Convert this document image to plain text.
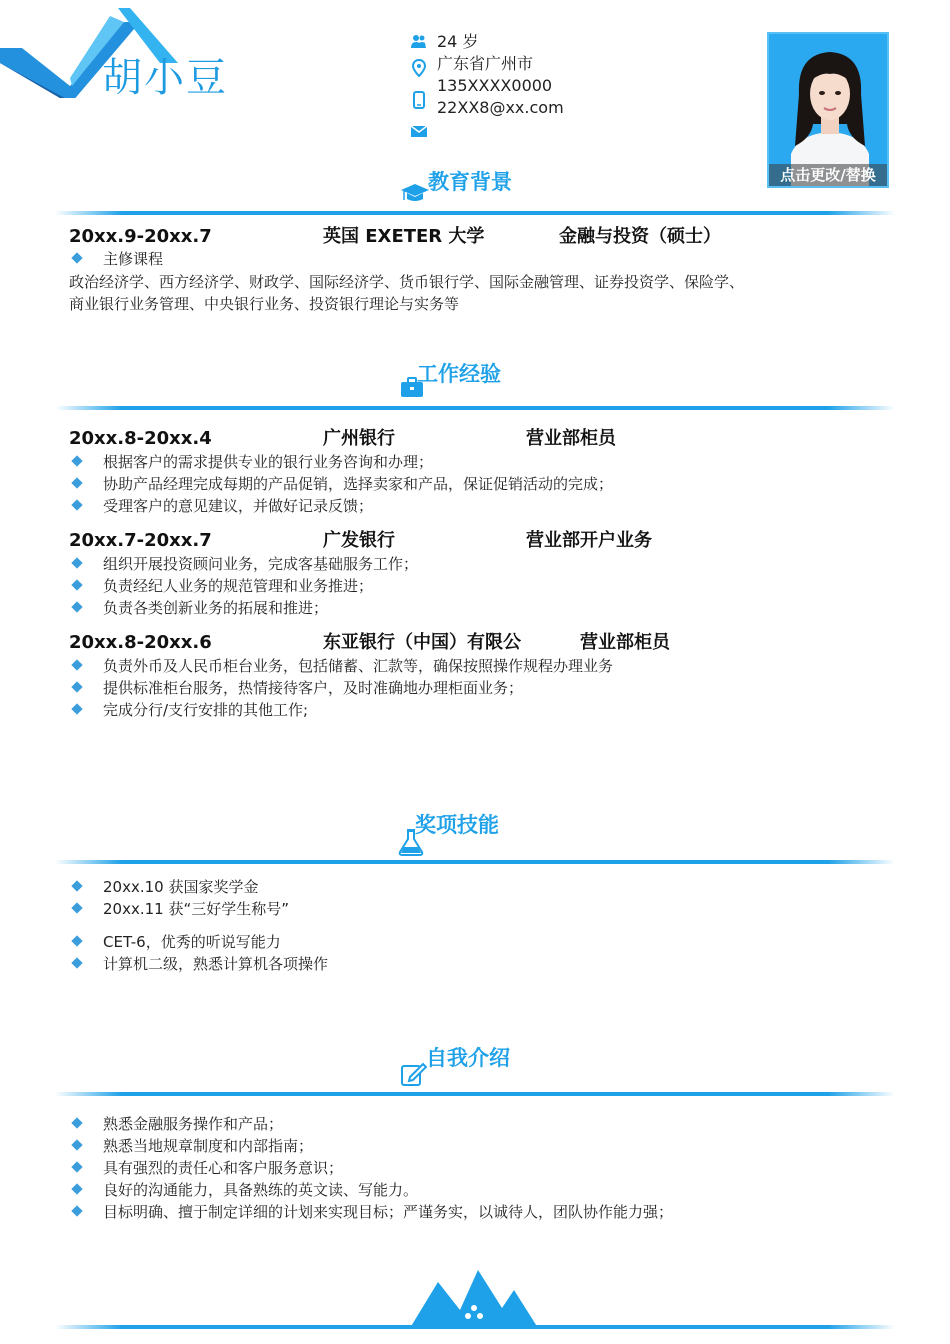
胡小豆
24 岁
广东省广州市
135XXXX0000
22XX8@xx.com
点击更改/替换
教育背景
20xx.9-20xx.7	英国 EXETER 大学	金融与投资（硕士）
主修课程
政治经济学、西方经济学、财政学、国际经济学、货币银行学、国际金融管理、证券投资学、保险学、
商业银行业务管理、中央银行业务、投资银行理论与实务等
工作经验
20xx.8-20xx.4	广州银行	营业部柜员
根据客户的需求提供专业的银行业务咨询和办理；
协助产品经理完成每期的产品促销，选择卖家和产品，保证促销活动的完成；
受理客户的意见建议，并做好记录反馈；
20xx.7-20xx.7	广发银行	营业部开户业务
组织开展投资顾问业务，完成客基础服务工作；
负责经纪人业务的规范管理和业务推进；
负责各类创新业务的拓展和推进；
20xx.8-20xx.6	东亚银行（中国）有限公	营业部柜员
负责外币及人民币柜台业务，包括储蓄、汇款等，确保按照操作规程办理业务
提供标准柜台服务，热情接待客户，及时准确地办理柜面业务；
完成分行/支行安排的其他工作;
奖项技能
20xx.10 获国家奖学金
20xx.11 获“三好学生称号”
CET-6，优秀的听说写能力
计算机二级，熟悉计算机各项操作
自我介绍
熟悉金融服务操作和产品；
熟悉当地规章制度和内部指南；
具有强烈的责任心和客户服务意识；
良好的沟通能力，具备熟练的英文读、写能力。
目标明确、擅于制定详细的计划来实现目标；严谨务实，以诚待人，团队协作能力强；
